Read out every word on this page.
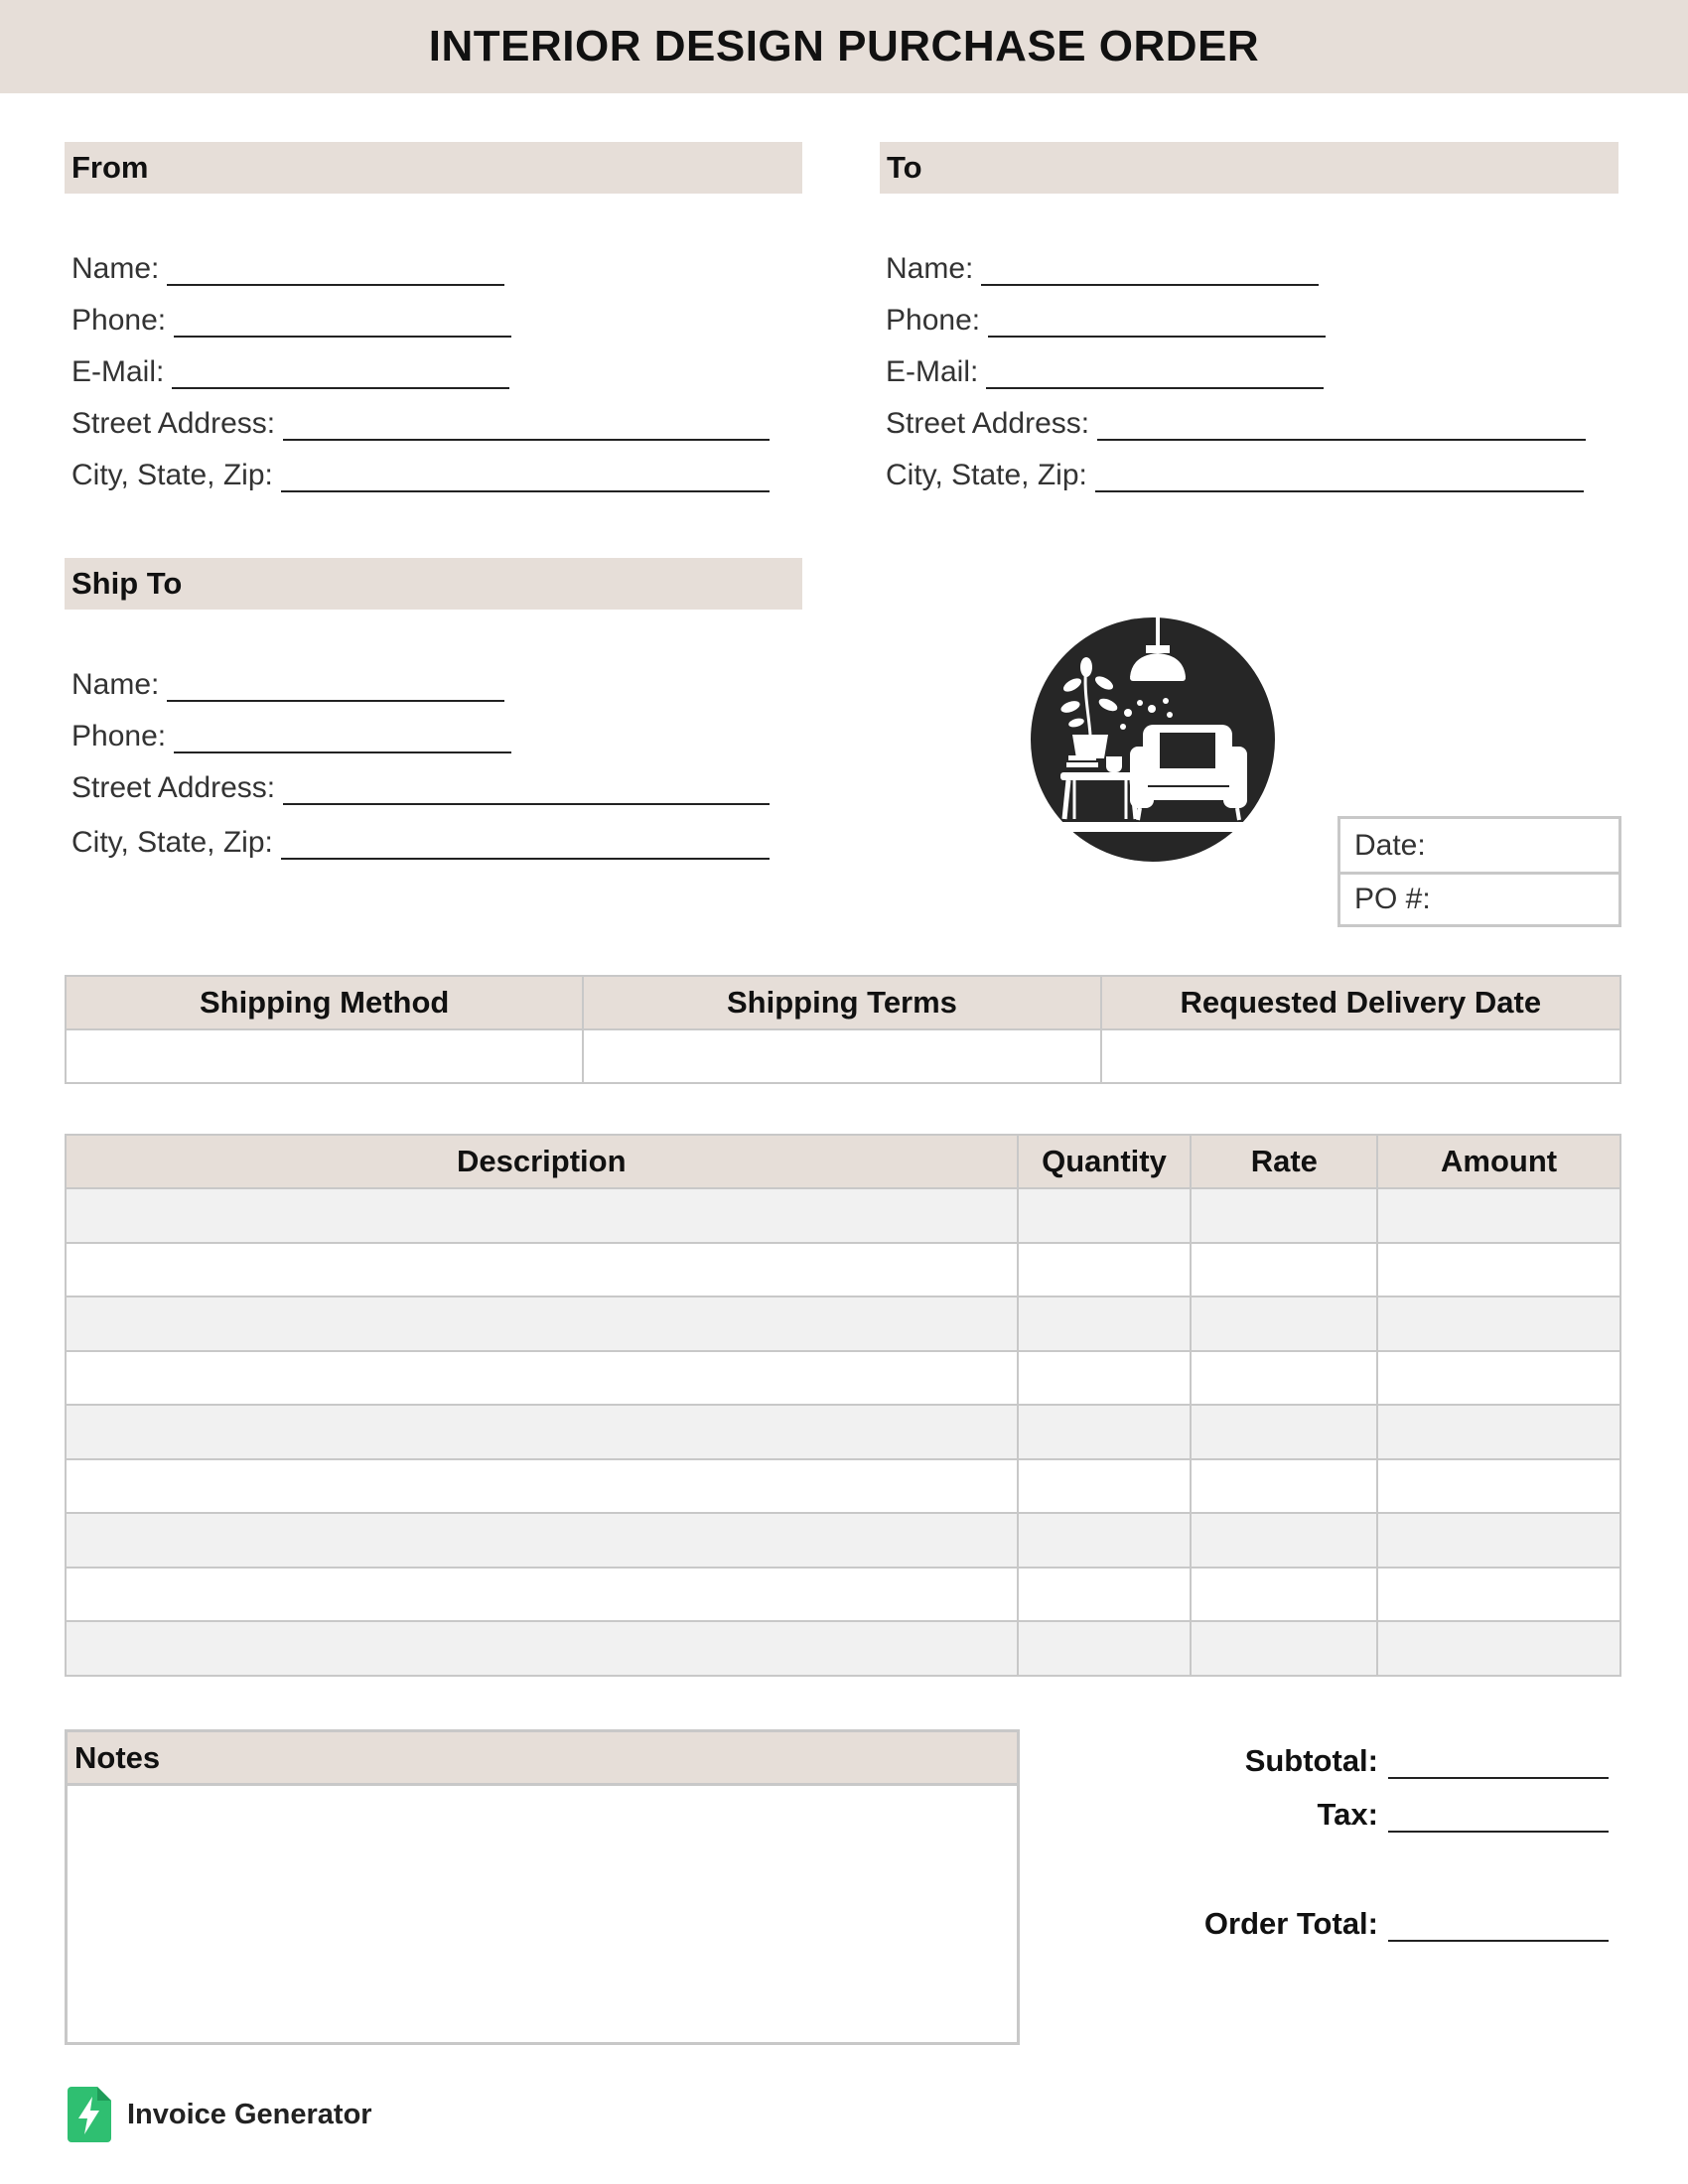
INTERIOR DESIGN PURCHASE ORDER
From
Name:
Phone:
E-Mail:
Street Address:
City, State, Zip:
To
Name:
Phone:
E-Mail:
Street Address:
City, State, Zip:
Ship To
Name:
Phone:
Street Address:
City, State, Zip:	Date:
PO #:
Shipping Method	Shipping Terms	Requested Delivery Date

Description	Quantity	Rate	Amount

Notes	Subtotal:
Tax:
Order Total:
Invoice Generator
